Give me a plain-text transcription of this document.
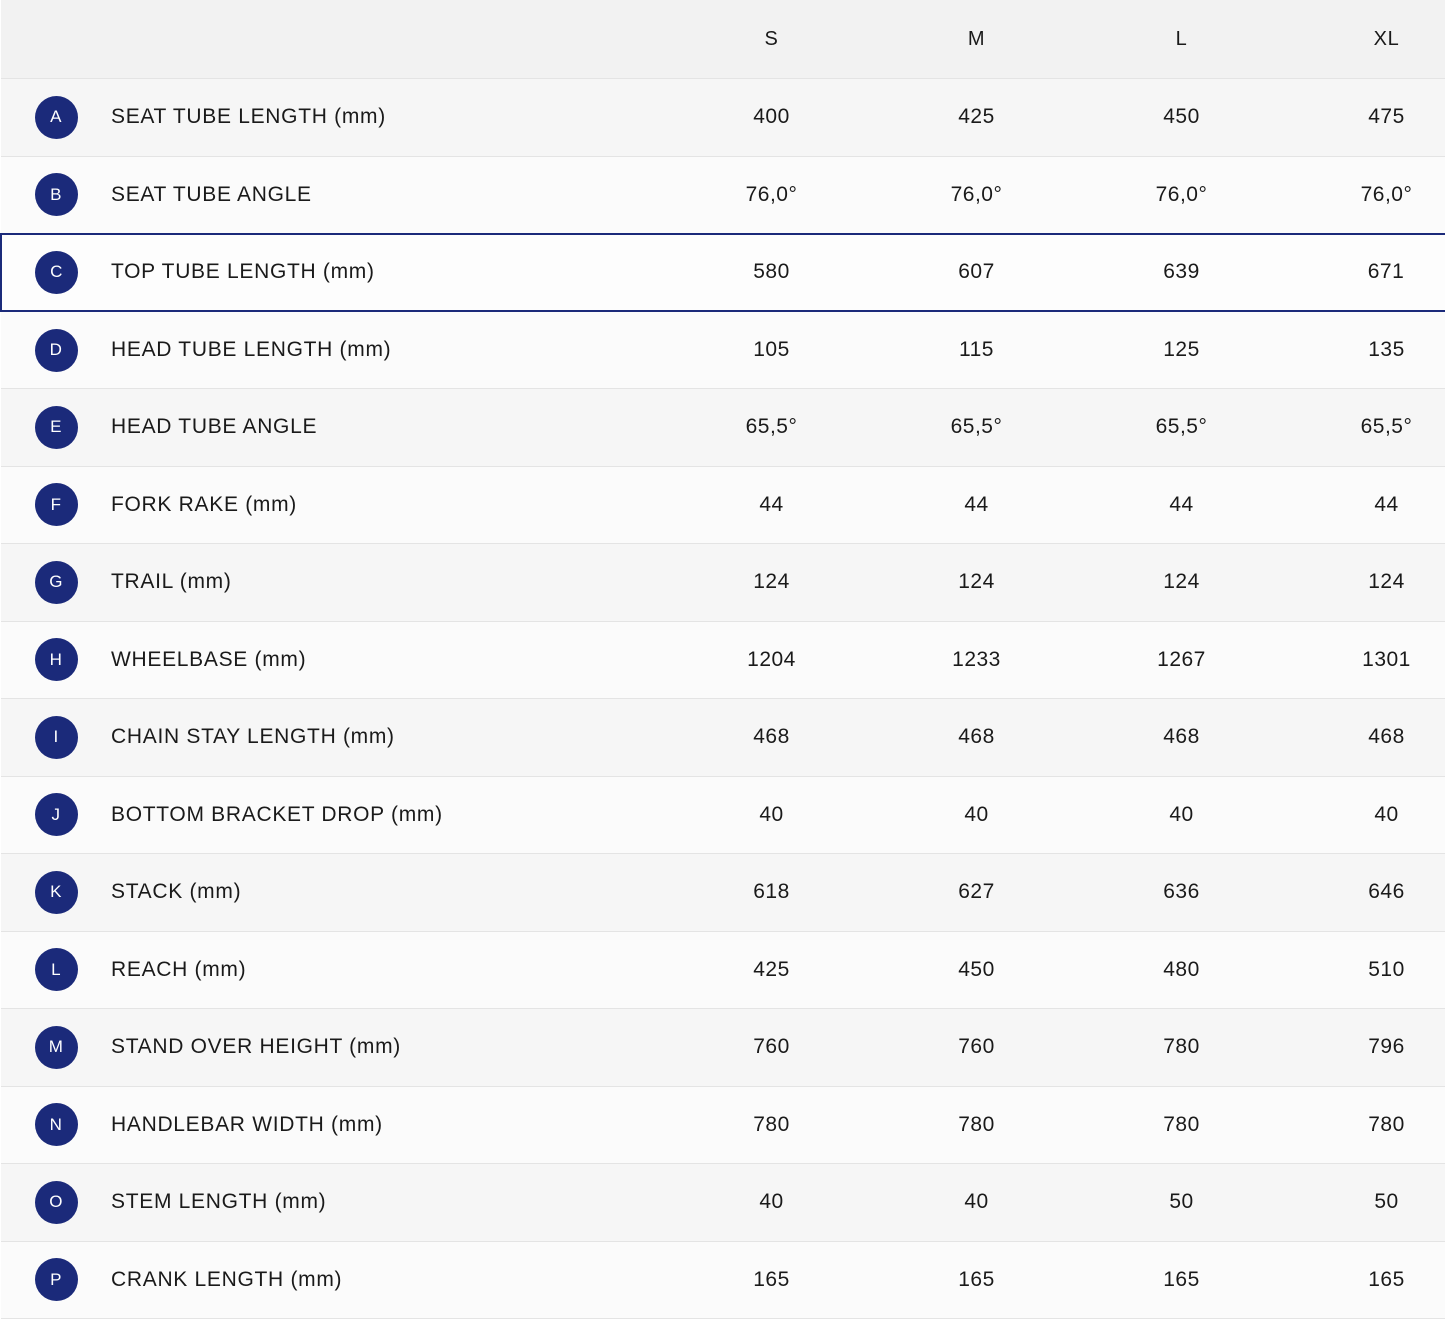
		S	M	L	XL
A	SEAT TUBE LENGTH (mm)	400	425	450	475
B	SEAT TUBE ANGLE	76,0°	76,0°	76,0°	76,0°
C	TOP TUBE LENGTH (mm)	580	607	639	671
D	HEAD TUBE LENGTH (mm)	105	115	125	135
E	HEAD TUBE ANGLE	65,5°	65,5°	65,5°	65,5°
F	FORK RAKE (mm)	44	44	44	44
G	TRAIL (mm)	124	124	124	124
H	WHEELBASE (mm)	1204	1233	1267	1301
I	CHAIN STAY LENGTH (mm)	468	468	468	468
J	BOTTOM BRACKET DROP (mm)	40	40	40	40
K	STACK (mm)	618	627	636	646
L	REACH (mm)	425	450	480	510
M	STAND OVER HEIGHT (mm)	760	760	780	796
N	HANDLEBAR WIDTH (mm)	780	780	780	780
O	STEM LENGTH (mm)	40	40	50	50
P	CRANK LENGTH (mm)	165	165	165	165
